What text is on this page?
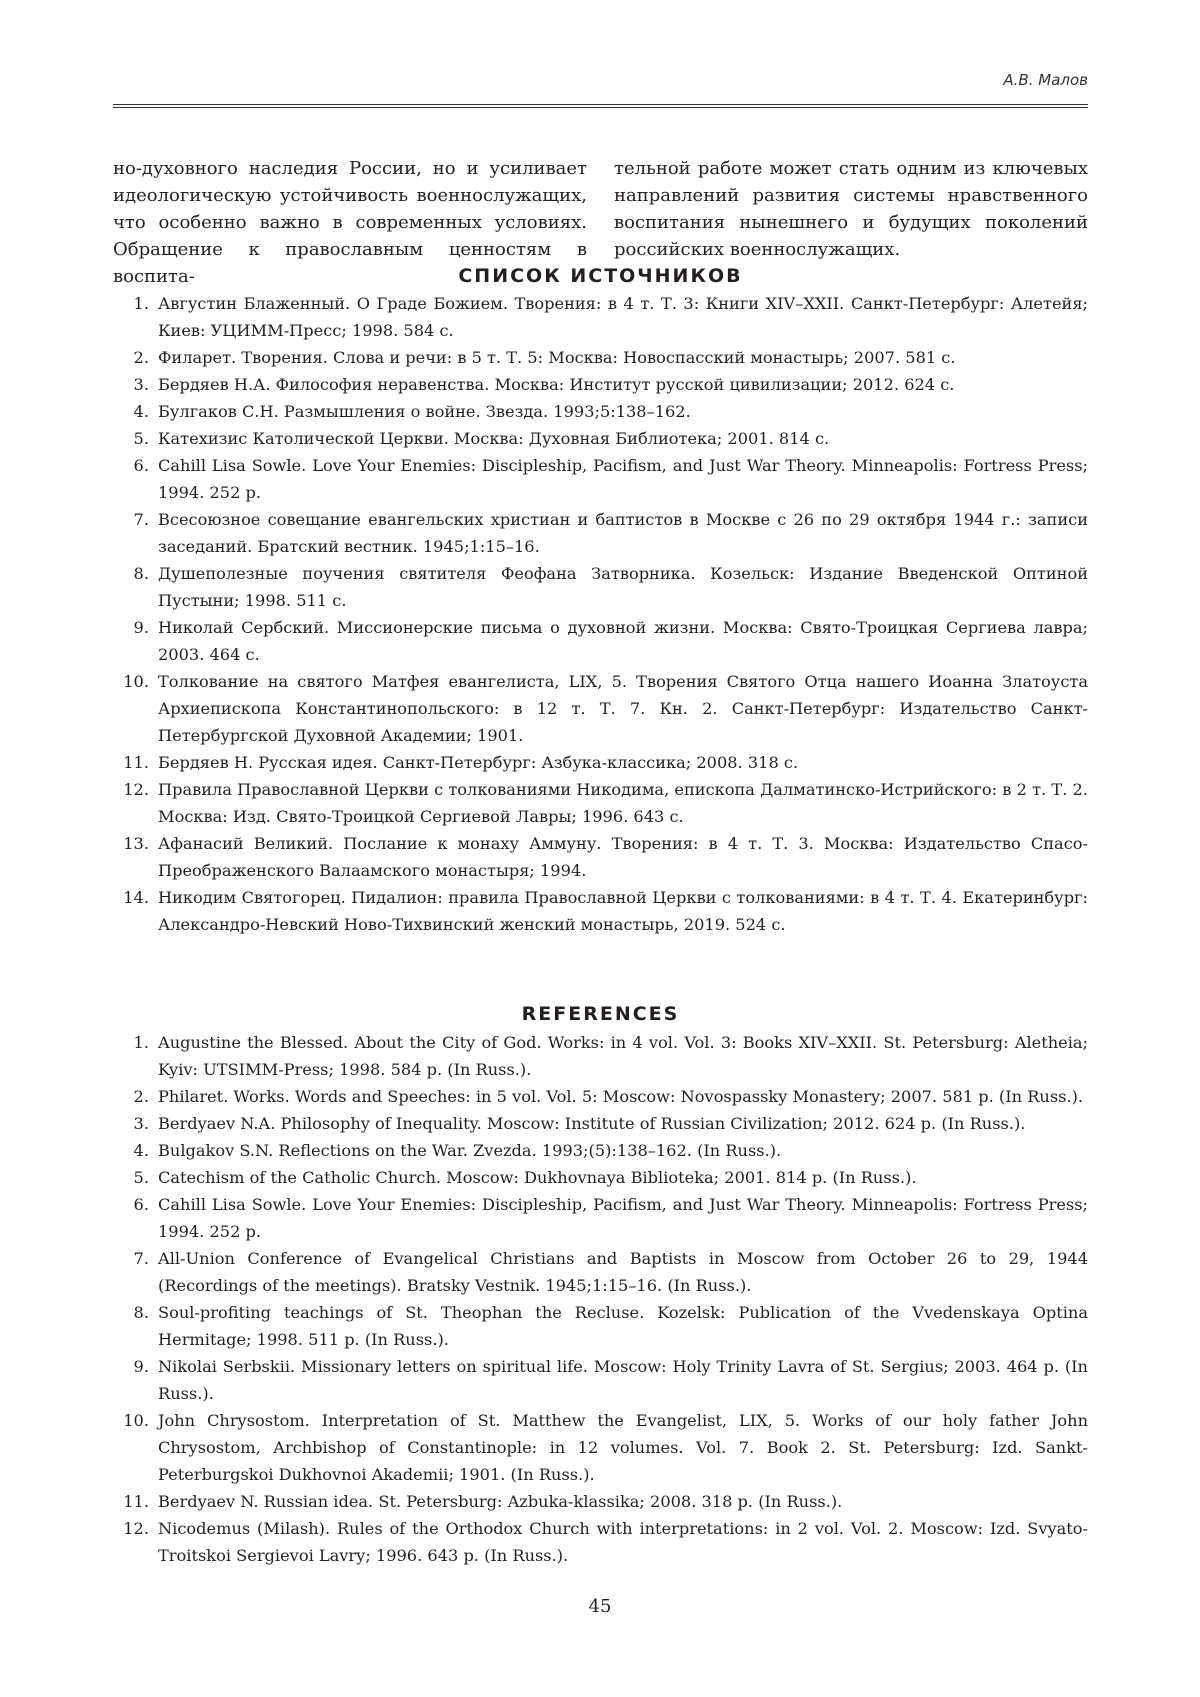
А.В. Малов
но-духовного наследия России, но и усиливает идеологическую устойчивость военнослужащих, что особенно важно в современных условиях. Обращение к православным ценностям в воспита-
тельной работе может стать одним из ключевых направлений развития системы нравственного воспитания нынешнего и будущих поколений российских военнослужащих.
СПИСОК ИСТОЧНИКОВ
1. Августин Блаженный. О Граде Божием. Творения: в 4 т. Т. 3: Книги XIV–XXII. Санкт-Петербург: Алетейя; Киев: УЦИММ-Пресс; 1998. 584 с.
2. Филарет. Творения. Слова и речи: в 5 т. Т. 5: Москва: Новоспасский монастырь; 2007. 581 с.
3. Бердяев Н.А. Философия неравенства. Москва: Институт русской цивилизации; 2012. 624 с.
4. Булгаков С.Н. Размышления о войне. Звезда. 1993;5:138–162.
5. Катехизис Католической Церкви. Москва: Духовная Библиотека; 2001. 814 с.
6. Cahill Lisa Sowle. Love Your Enemies: Discipleship, Pacifism, and Just War Theory. Minneapolis: Fortress Press; 1994. 252 p.
7. Всесоюзное совещание евангельских христиан и баптистов в Москве с 26 по 29 октября 1944 г.: записи заседаний. Братский вестник. 1945;1:15–16.
8. Душеполезные поучения святителя Феофана Затворника. Козельск: Издание Введенской Оптиной Пустыни; 1998. 511 с.
9. Николай Сербский. Миссионерские письма о духовной жизни. Москва: Свято-Троицкая Сергиева лавра; 2003. 464 с.
10. Толкование на святого Матфея евангелиста, LIX, 5. Творения Святого Отца нашего Иоанна Златоуста Архиепископа Константинопольского: в 12 т. Т. 7. Кн. 2. Санкт-Петербург: Издательство Санкт-Петербургской Духовной Академии; 1901.
11. Бердяев Н. Русская идея. Санкт-Петербург: Азбука-классика; 2008. 318 с.
12. Правила Православной Церкви с толкованиями Никодима, епископа Далматинско-Истрийского: в 2 т. Т. 2. Москва: Изд. Свято-Троицкой Сергиевой Лавры; 1996. 643 с.
13. Афанасий Великий. Послание к монаху Аммуну. Творения: в 4 т. Т. 3. Москва: Издательство Спасо-Преображенского Валаамского монастыря; 1994.
14. Никодим Святогорец. Пидалион: правила Православной Церкви с толкованиями: в 4 т. Т. 4. Екатеринбург: Александро-Невский Ново-Тихвинский женский монастырь, 2019. 524 с.
REFERENCES
1. Augustine the Blessed. About the City of God. Works: in 4 vol. Vol. 3: Books XIV–XXII. St. Petersburg: Aletheia; Kyiv: UTSIMM-Press; 1998. 584 p. (In Russ.).
2. Philaret. Works. Words and Speeches: in 5 vol. Vol. 5: Moscow: Novospassky Monastery; 2007. 581 p. (In Russ.).
3. Berdyaev N.A. Philosophy of Inequality. Moscow: Institute of Russian Civilization; 2012. 624 p. (In Russ.).
4. Bulgakov S.N. Reflections on the War. Zvezda. 1993;(5):138–162. (In Russ.).
5. Catechism of the Catholic Church. Moscow: Dukhovnaya Biblioteka; 2001. 814 p. (In Russ.).
6. Cahill Lisa Sowle. Love Your Enemies: Discipleship, Pacifism, and Just War Theory. Minneapolis: Fortress Press; 1994. 252 p.
7. All-Union Conference of Evangelical Christians and Baptists in Moscow from October 26 to 29, 1944 (Recordings of the meetings). Bratsky Vestnik. 1945;1:15–16. (In Russ.).
8. Soul-profiting teachings of St. Theophan the Recluse. Kozelsk: Publication of the Vvedenskaya Optina Hermitage; 1998. 511 p. (In Russ.).
9. Nikolai Serbskii. Missionary letters on spiritual life. Moscow: Holy Trinity Lavra of St. Sergius; 2003. 464 p. (In Russ.).
10. John Chrysostom. Interpretation of St. Matthew the Evangelist, LIX, 5. Works of our holy father John Chrysostom, Archbishop of Constantinople: in 12 volumes. Vol. 7. Book 2. St. Petersburg: Izd. Sankt-Peterburgskoi Dukhovnoi Akademii; 1901. (In Russ.).
11. Berdyaev N. Russian idea. St. Petersburg: Azbuka-klassika; 2008. 318 p. (In Russ.).
12. Nicodemus (Milash). Rules of the Orthodox Church with interpretations: in 2 vol. Vol. 2. Moscow: Izd. Svyato-Troitskoi Sergievoi Lavry; 1996. 643 p. (In Russ.).
45
